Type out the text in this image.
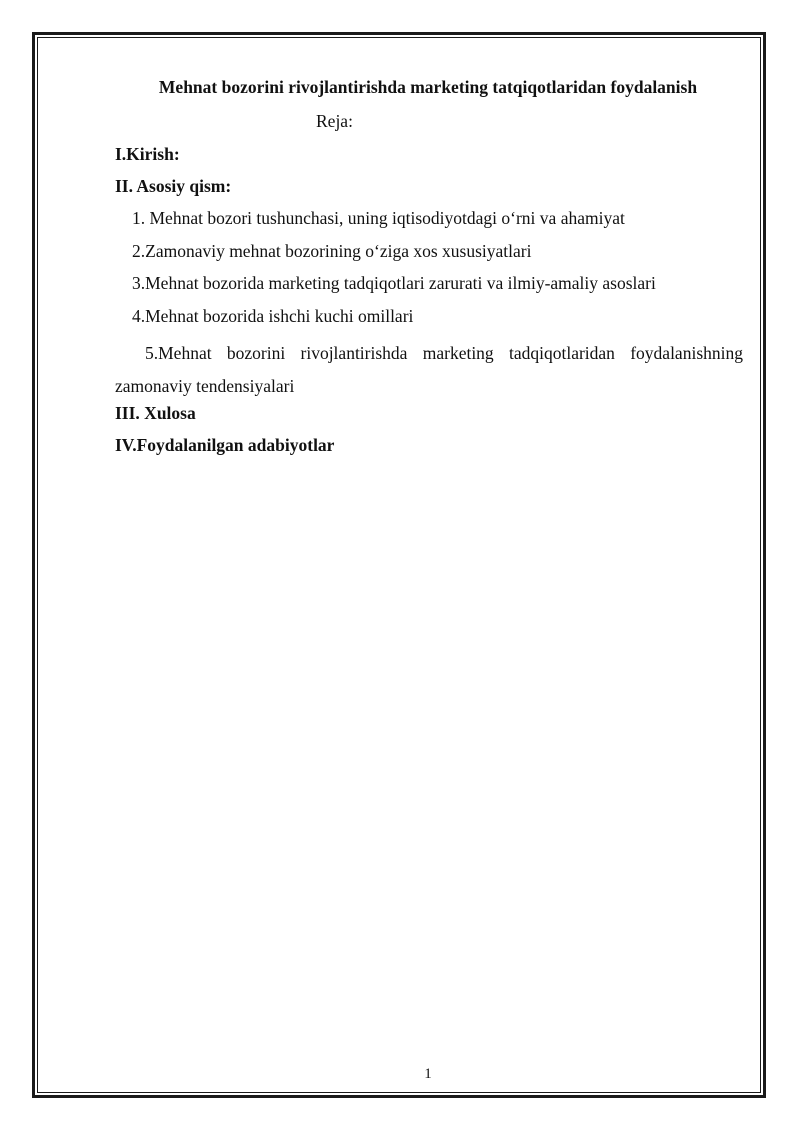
Mehnat bozorini rivojlantirishda marketing tatqiqotlaridan foydalanish

Reja:

I.Kirish:

II. Asosiy qism:

1. Mehnat bozori tushunchasi, uning iqtisodiyotdagi o‘rni va ahamiyat

2.Zamonaviy mehnat bozorining o‘ziga xos xususiyatlari

3.Mehnat bozorida marketing tadqiqotlari zarurati va ilmiy-amaliy asoslari

4.Mehnat bozorida ishchi kuchi omillari

5.Mehnat bozorini rivojlantirishda marketing tadqiqotlaridan foydalanishning zamonaviy tendensiyalari

III. Xulosa

IV.Foydalanilgan adabiyotlar

1
